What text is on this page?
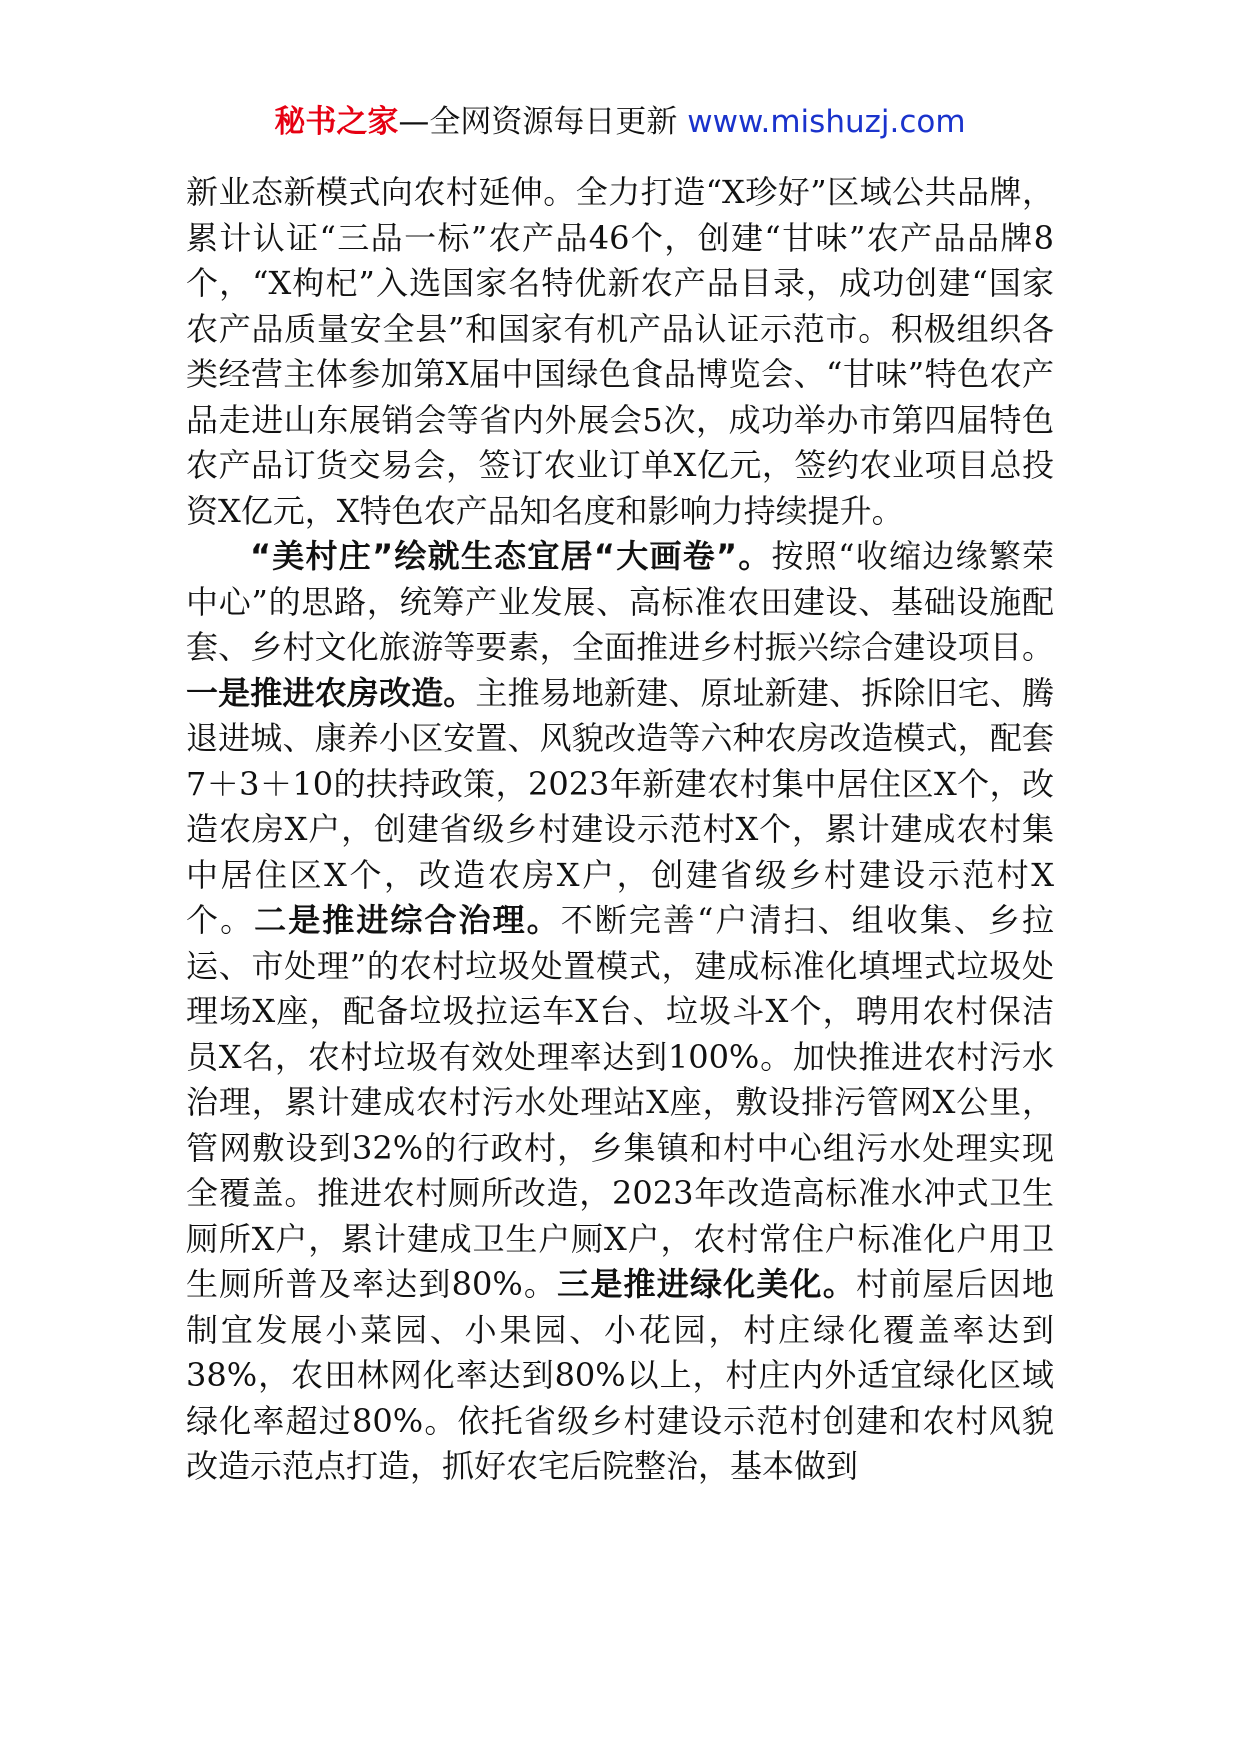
秘书之家—全网资源每日更新 www.mishuzj.com

新业态新模式向农村延伸。全力打造“X珍好”区域公共品牌，累计认证“三品一标”农产品46个，创建“甘味”农产品品牌8个，“X枸杞”入选国家名特优新农产品目录，成功创建“国家农产品质量安全县”和国家有机产品认证示范市。积极组织各类经营主体参加第X届中国绿色食品博览会、“甘味”特色农产品走进山东展销会等省内外展会5次，成功举办市第四届特色农产品订货交易会，签订农业订单X亿元，签约农业项目总投资X亿元，X特色农产品知名度和影响力持续提升。

“美村庄”绘就生态宜居“大画卷”。按照“收缩边缘繁荣中心”的思路，统筹产业发展、高标准农田建设、基础设施配套、乡村文化旅游等要素，全面推进乡村振兴综合建设项目。一是推进农房改造。主推易地新建、原址新建、拆除旧宅、腾退进城、康养小区安置、风貌改造等六种农房改造模式，配套7＋3＋10的扶持政策，2023年新建农村集中居住区X个，改造农房X户，创建省级乡村建设示范村X个，累计建成农村集中居住区X个，改造农房X户，创建省级乡村建设示范村X个。二是推进综合治理。不断完善“户清扫、组收集、乡拉运、市处理”的农村垃圾处置模式，建成标准化填埋式垃圾处理场X座，配备垃圾拉运车X台、垃圾斗X个，聘用农村保洁员X名，农村垃圾有效处理率达到100%。加快推进农村污水治理，累计建成农村污水处理站X座，敷设排污管网X公里，管网敷设到32%的行政村，乡集镇和村中心组污水处理实现全覆盖。推进农村厕所改造，2023年改造高标准水冲式卫生厕所X户，累计建成卫生户厕X户，农村常住户标准化户用卫生厕所普及率达到80%。三是推进绿化美化。村前屋后因地制宜发展小菜园、小果园、小花园，村庄绿化覆盖率达到38%，农田林网化率达到80%以上，村庄内外适宜绿化区域绿化率超过80%。依托省级乡村建设示范村创建和农村风貌改造示范点打造，抓好农宅后院整治，基本做到
